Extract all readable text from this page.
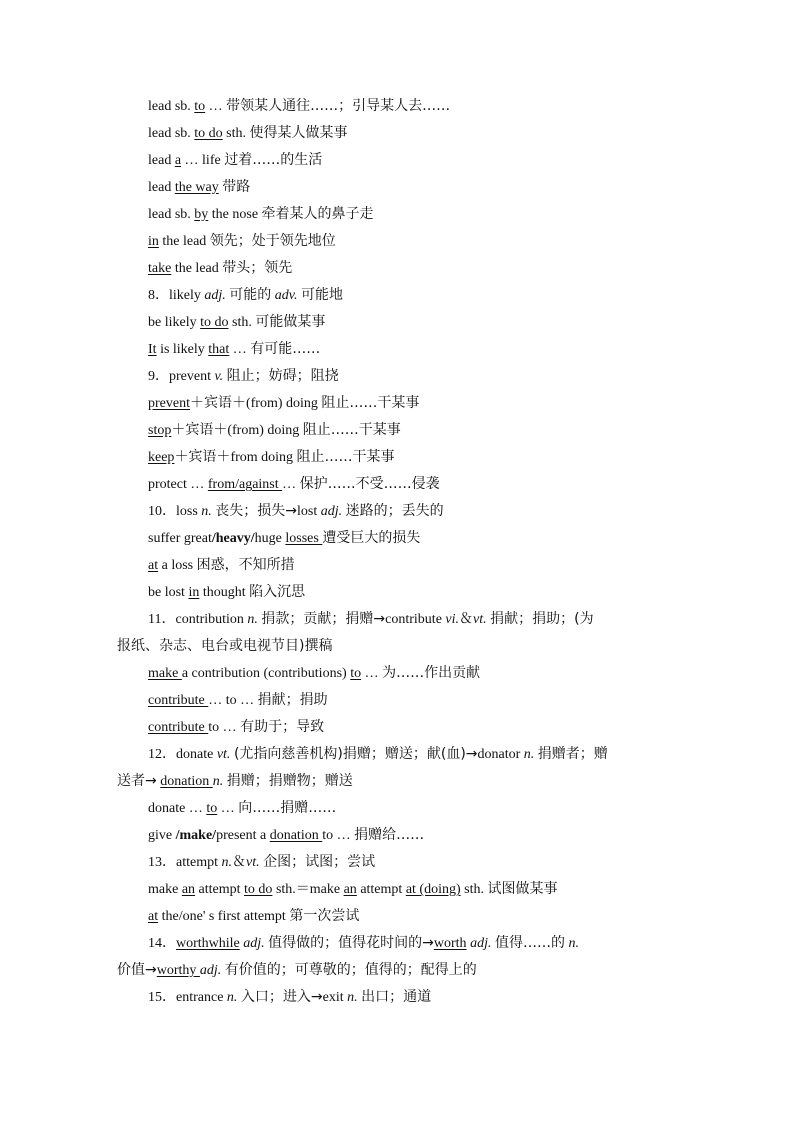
lead sb. to … 带领某人通往……；引导某人去……
lead sb. to do sth. 使得某人做某事
lead a … life 过着……的生活
lead the way 带路
lead sb. by the nose 牵着某人的鼻子走
in the lead 领先；处于领先地位
take the lead 带头；领先
8．likely adj. 可能的 adv. 可能地
be likely to do sth. 可能做某事
It is likely that … 有可能……
9．prevent v. 阻止；妨碍；阻挠
prevent＋宾语＋(from) doing 阻止……干某事
stop＋宾语＋(from) doing 阻止……干某事
keep＋宾语＋from doing 阻止……干某事
protect … from/against … 保护……不受……侵袭
10．loss n. 丧失；损失→lost adj. 迷路的；丢失的
suffer great/heavy/huge losses 遭受巨大的损失
at a loss 困惑，不知所措
be lost in thought 陷入沉思
11．contribution n. 捐款；贡献；捐赠→contribute vi.＆vt. 捐献；捐助；(为
报纸、杂志、电台或电视节目)撰稿
make a contribution (contributions) to … 为……作出贡献
contribute … to … 捐献；捐助
contribute to … 有助于；导致
12．donate vt. (尤指向慈善机构)捐赠；赠送；献(血)→donator n. 捐赠者；赠
送者→ donation n. 捐赠；捐赠物；赠送
donate … to … 向……捐赠……
give /make/present a donation to … 捐赠给……
13．attempt n.＆vt. 企图；试图；尝试
make an attempt to do sth.＝make an attempt at (doing) sth. 试图做某事
at the/one' s first attempt 第一次尝试
14．worthwhile adj. 值得做的；值得花时间的→worth adj. 值得……的 n.
价值→worthy adj. 有价值的；可尊敬的；值得的；配得上的
15．entrance n. 入口；进入→exit n. 出口；通道
